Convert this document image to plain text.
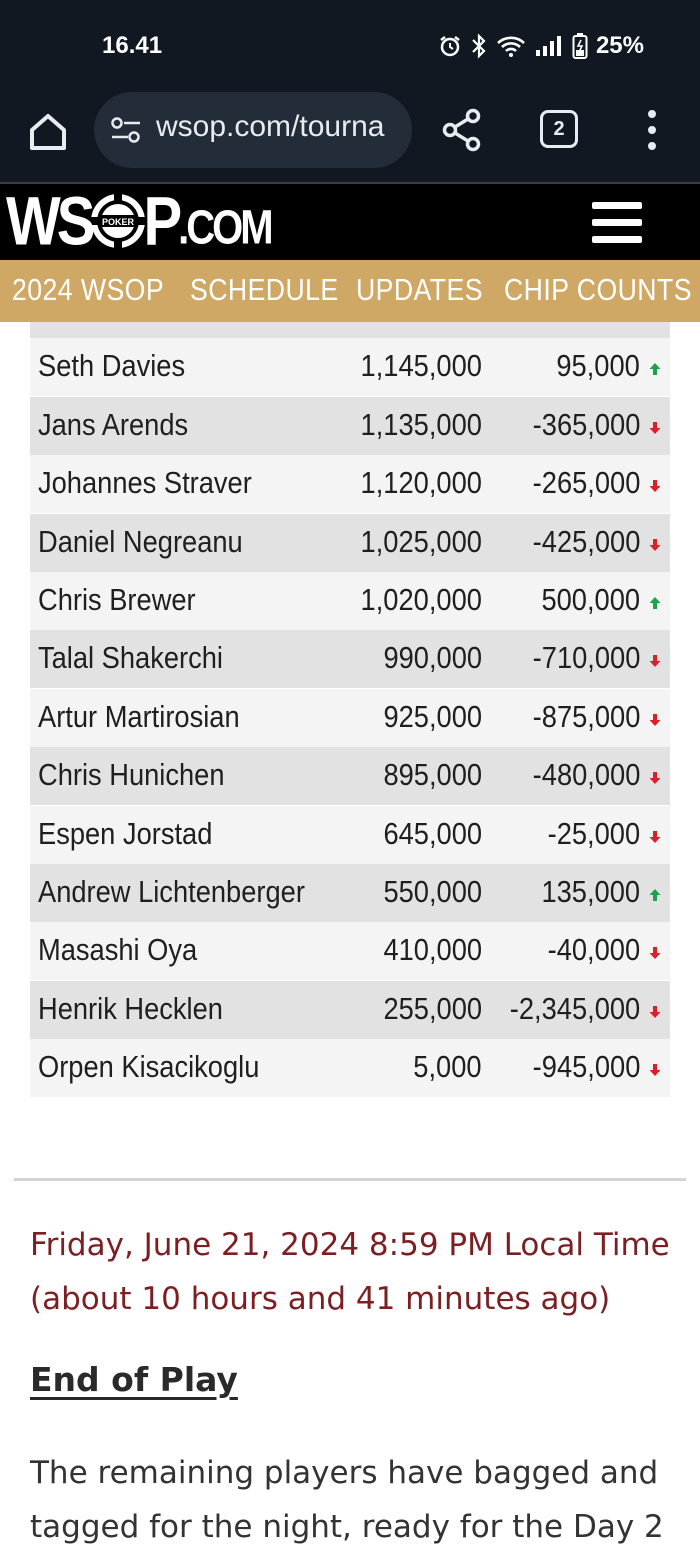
16.41	25%
wsop.com/tourna	2
WS POKER P .COM
2024 WSOP SCHEDULE UPDATES CHIP COUNTS
Seth Davies	1,145,000 95,000
Jans Arends	1,135,000 -365,000
Johannes Straver	1,120,000 -265,000
Daniel Negreanu	1,025,000 -425,000
Chris Brewer	1,020,000 500,000
Talal Shakerchi	990,000 -710,000
Artur Martirosian	925,000 -875,000
Chris Hunichen	895,000 -480,000
Espen Jorstad	645,000 -25,000
Andrew Lichtenberger	550,000 135,000
Masashi Oya	410,000 -40,000
Henrik Hecklen	255,000 -2,345,000
Orpen Kisacikoglu	5,000 -945,000
Friday, June 21, 2024 8:59 PM Local Time (about 10 hours and 41 minutes ago)
End of Play
The remaining players have bagged and tagged for the night, ready for the Day 2
